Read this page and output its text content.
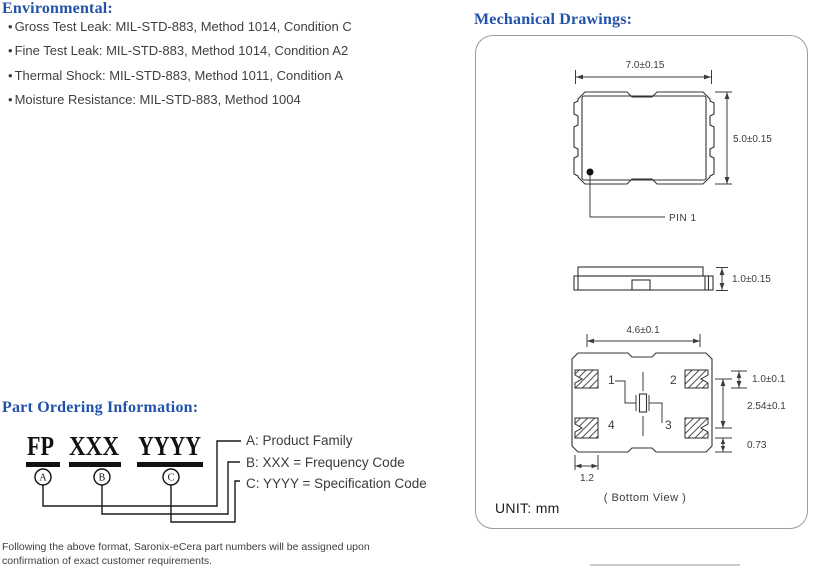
Environmental:
• Gross Test Leak: MIL-STD-883, Method 1014, Condition C
• Fine Test Leak: MIL-STD-883, Method 1014, Condition A2
• Thermal Shock: MIL-STD-883, Method 1011, Condition A
• Moisture Resistance: MIL-STD-883, Method 1004
Part Ordering Information:
FP XXX YYYY
A	B	C
A: Product Family
B: XXX = Frequency Code
C: YYYY = Specification Code
Following the above format, Saronix-eCera part numbers will be assigned upon
confirmation of exact customer requirements.
Mechanical Drawings:
7.0±0.15
5.0±0.15
PIN 1
1.0±0.15
4.6±0.1
1	2
3
4
1.0±0.1
2.54±0.1
0.73
1.2
( Bottom View )
UNIT: mm
